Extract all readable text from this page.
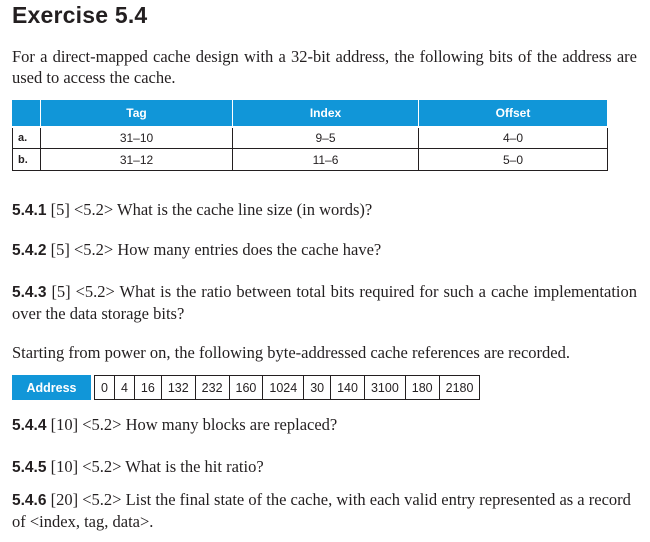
Exercise 5.4

For a direct-mapped cache design with a 32-bit address, the following bits of the address are used to access the cache.

	Tag	Index	Offset
a.	31–10	9–5	4–0
b.	31–12	11–6	5–0

5.4.1 [5] <5.2> What is the cache line size (in words)?

5.4.2 [5] <5.2> How many entries does the cache have?

5.4.3 [5] <5.2> What is the ratio between total bits required for such a cache implementation over the data storage bits?

Starting from power on, the following byte-addressed cache references are recorded.

Address	0	4	16	132	232	160	1024	30	140	3100	180	2180

5.4.4 [10] <5.2> How many blocks are replaced?

5.4.5 [10] <5.2> What is the hit ratio?

5.4.6 [20] <5.2> List the final state of the cache, with each valid entry represented as a record of <index, tag, data>.
